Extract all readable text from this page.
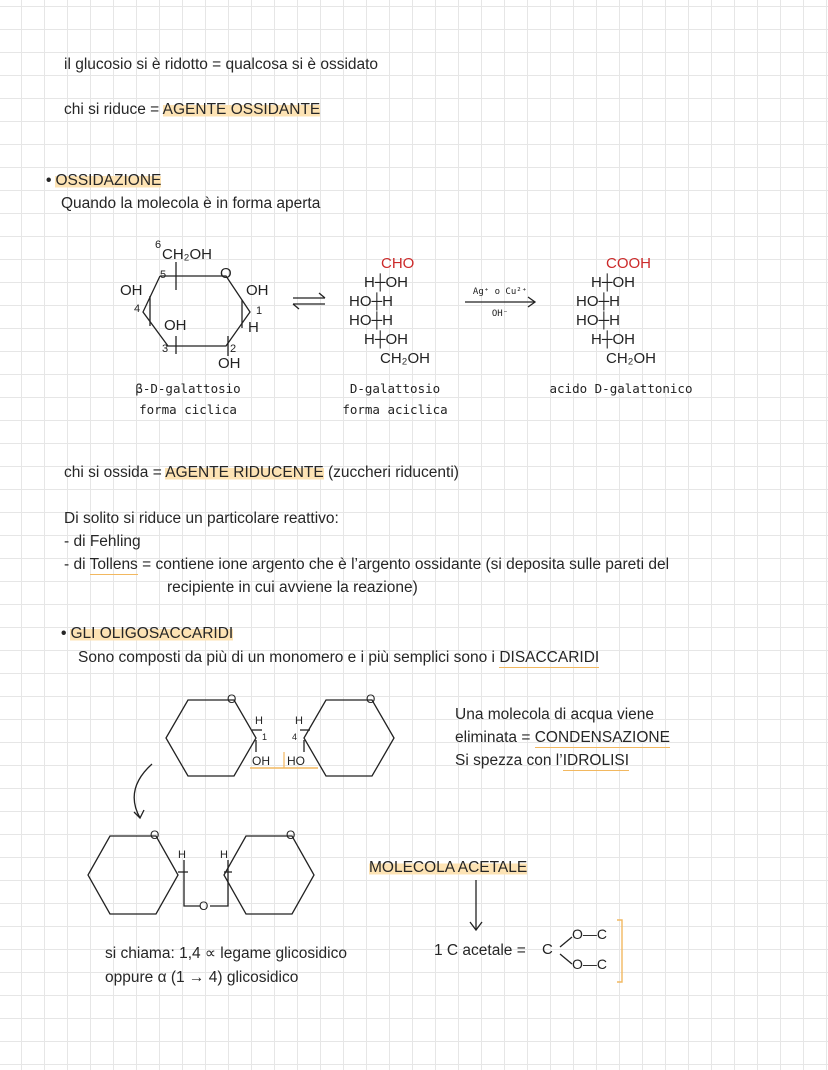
il glucosio si è ridotto = qualcosa si è ossidato
chi si riduce = AGENTE OSSIDANTE
• OSSIDAZIONE
Quando la molecola è in forma aperta
6
CH₂OH
5	O
OH	OH
4	1
OH	H
3	2
OH
β-D-galattosio
forma ciclica
CHO
H┼OH
HO┼H
HO┼H
H┼OH
CH₂OH
D-galattosio
forma aciclica
Ag⁺ o Cu²⁺
OH⁻
COOH
H┼OH
HO┼H
HO┼H
H┼OH
CH₂OH
acido D-galattonico
chi si ossida = AGENTE RIDUCENTE (zuccheri riducenti)
Di solito si riduce un particolare reattivo:
- di Fehling
- di Tollens = contiene ione argento che è l’argento ossidante (si deposita sulle pareti del
recipiente in cui avviene la reazione)
• GLI OLIGOSACCARIDI
Sono composti da più di un monomero e i più semplici sono i DISACCARIDI
O	O
H	H
1	4
OH HO
Una molecola di acqua viene
eliminata = CONDENSAZIONE
Si spezza con l’IDROLISI
O	O
H	H
O
MOLECOLA ACETALE
si chiama: 1,4 ∝ legame glicosidico
oppure α (1 → 4) glicosidico
1 C acetale = C
O—C
O—C
